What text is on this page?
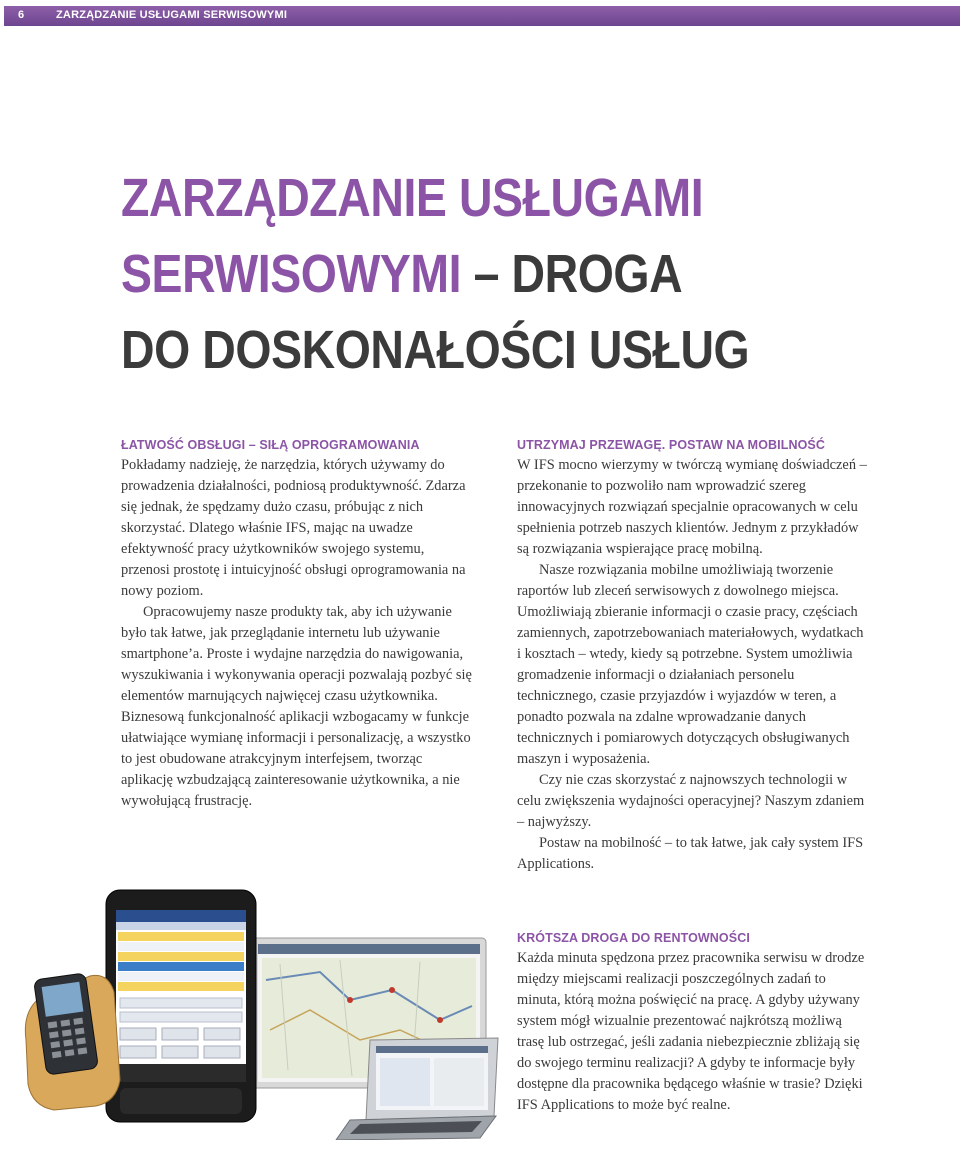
6	ZARZĄDZANIE USŁUGAMI SERWISOWYMI
ZARZĄDZANIE USŁUGAMI
SERWISOWYMI – DROGA
DO DOSKONAŁOŚCI USŁUG
ŁATWOŚĆ OBSŁUGI – SIŁĄ OPROGRAMOWANIA

Pokładamy nadzieję, że narzędzia, których używamy do prowadzenia działalności, podniosą produktywność. Zdarza się jednak, że spędzamy dużo czasu, próbując z nich skorzystać. Dlatego właśnie IFS, mając na uwadze efektywność pracy użytkowników swojego systemu, przenosi prostotę i intuicyjność obsługi oprogramowania na nowy poziom.

Opracowujemy nasze produkty tak, aby ich używanie było tak łatwe, jak przeglądanie internetu lub używanie smartphone’a. Proste i wydajne narzędzia do nawigowania, wyszukiwania i wykonywania operacji pozwalają pozbyć się elementów marnujących najwięcej czasu użytkownika. Biznesową funkcjonalność aplikacji wzbogacamy w funkcje ułatwiające wymianę informacji i personalizację, a wszystko to jest obudowane atrakcyjnym interfejsem, tworząc aplikację wzbudzającą zainteresowanie użytkownika, a nie wywołującą frustrację.

UTRZYMAJ PRZEWAGĘ. POSTAW NA MOBILNOŚĆ

W IFS mocno wierzymy w twórczą wymianę doświadczeń – przekonanie to pozwoliło nam wprowadzić szereg innowacyjnych rozwiązań specjalnie opracowanych w celu spełnienia potrzeb naszych klientów. Jednym z przykładów są rozwiązania wspierające pracę mobilną.

Nasze rozwiązania mobilne umożliwiają tworzenie raportów lub zleceń serwisowych z dowolnego miejsca. Umożliwiają zbieranie informacji o czasie pracy, częściach zamiennych, zapotrzebowaniach materiałowych, wydatkach i kosztach – wtedy, kiedy są potrzebne. System umożliwia gromadzenie informacji o działaniach personelu technicznego, czasie przyjazdów i wyjazdów w teren, a ponadto pozwala na zdalne wprowadzanie danych technicznych i pomiarowych dotyczących obsługiwanych maszyn i wyposażenia.

Czy nie czas skorzystać z najnowszych technologii w celu zwiększenia wydajności operacyjnej? Naszym zdaniem – najwyższy.

Postaw na mobilność – to tak łatwe, jak cały system IFS Applications.

KRÓTSZA DROGA DO RENTOWNOŚCI

Każda minuta spędzona przez pracownika serwisu w drodze między miejscami realizacji poszczególnych zadań to minuta, którą można poświęcić na pracę. A gdyby używany system mógł wizualnie prezentować najkrótszą możliwą trasę lub ostrzegać, jeśli zadania niebezpiecznie zbliżają się do swojego terminu realizacji? A gdyby te informacje były dostępne dla pracownika będącego właśnie w trasie? Dzięki IFS Applications to może być realne.
